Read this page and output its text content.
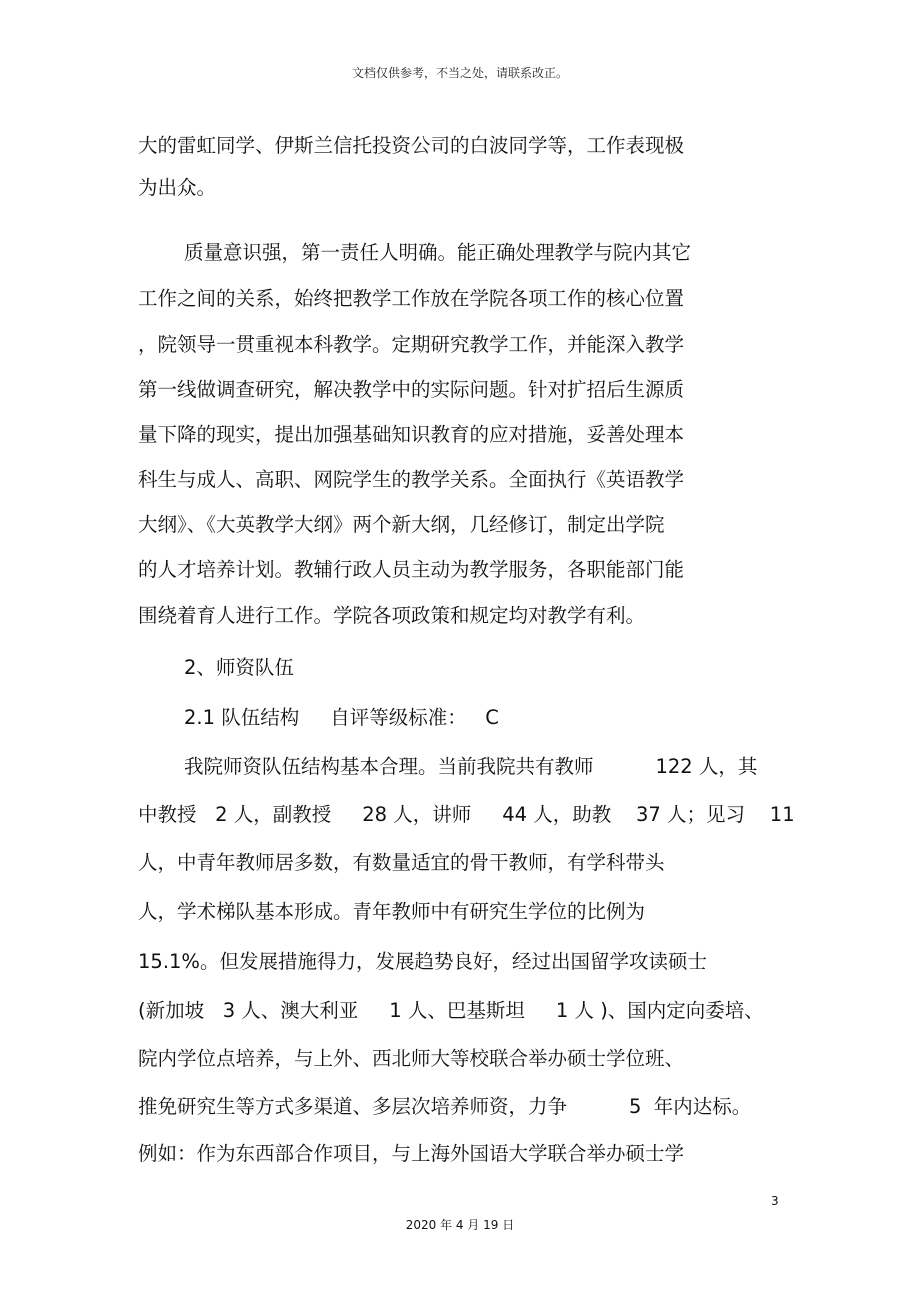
文档仅供参考，不当之处，请联系改正。
大的雷虹同学、伊斯兰信托投资公司的白波同学等，工作表现极
为出众。
质量意识强，第一责任人明确。能正确处理教学与院内其它
工作之间的关系，始终把教学工作放在学院各项工作的核心位置
，院领导一贯重视本科教学。定期研究教学工作，并能深入教学
第一线做调查研究，解决教学中的实际问题。针对扩招后生源质
量下降的现实，提出加强基础知识教育的应对措施，妥善处理本
科生与成人、高职、网院学生的教学关系。全面执行《英语教学
大纲》、《大英教学大纲》两个新大纲，几经修订，制定出学院
的人才培养计划。教辅行政人员主动为教学服务，各职能部门能
围绕着育人进行工作。学院各项政策和规定均对教学有利。
2、师资队伍
2.1 队伍结构     自评等级标准：   C
我院师资队伍结构基本合理。当前我院共有教师          122 人，其
中教授   2 人，副教授     28 人，讲师     44 人，助教    37 人；见习    11
人，中青年教师居多数，有数量适宜的骨干教师，有学科带头
人，学术梯队基本形成。青年教师中有研究生学位的比例为
15.1%。但发展措施得力，发展趋势良好，经过出国留学攻读硕士
(新加坡   3 人、澳大利亚     1 人、巴基斯坦     1 人 )、国内定向委培、
院内学位点培养，与上外、西北师大等校联合举办硕士学位班、
推免研究生等方式多渠道、多层次培养师资，力争          5  年内达标。
例如：作为东西部合作项目，与上海外国语大学联合举办硕士学
3
2020 年 4 月 19 日
